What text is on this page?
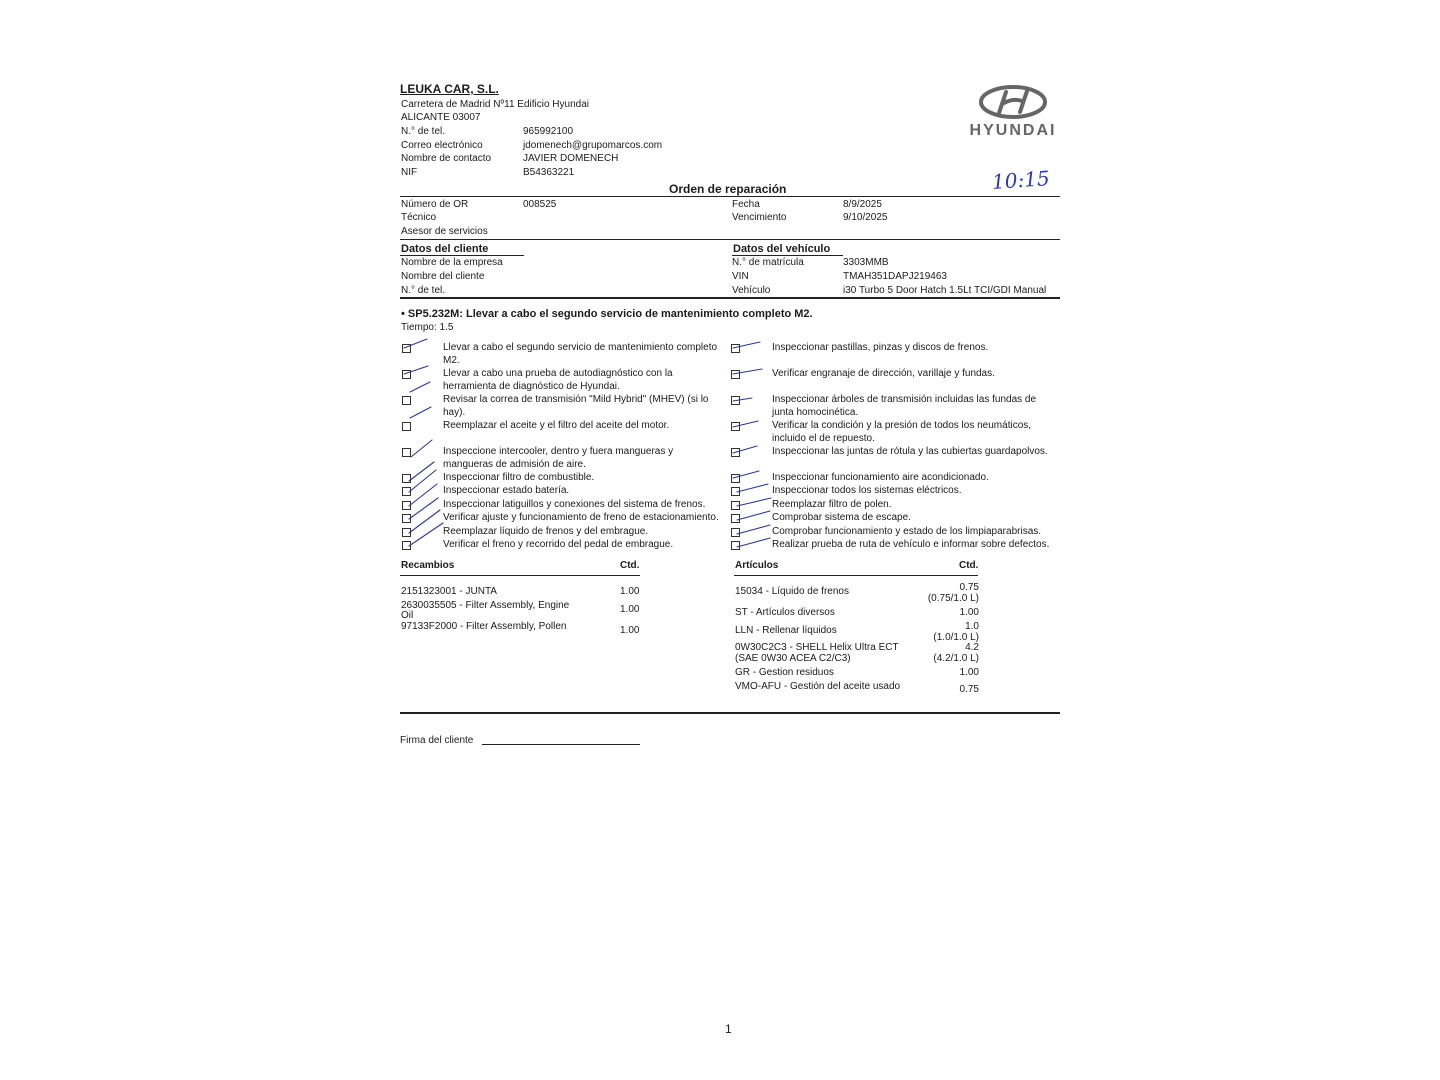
LEUKA CAR, S.L.
Carretera de Madrid Nº11 Edificio Hyundai
ALICANTE 03007
N.° de tel.	965992100
Correo electrónico	jdomenech@grupomarcos.com
Nombre de contacto	JAVIER DOMENECH
NIF	B54363221
HYUNDAI
10:15
Orden de reparación
Número de OR	008525	Fecha	8/9/2025
Técnico	Vencimiento	9/10/2025
Asesor de servicios
Datos del cliente	Datos del vehículo
Nombre de la empresa
Nombre del cliente
N.° de tel.
N.° de matrícula	3303MMB
VIN	TMAH351DAPJ219463
Vehículo	i30 Turbo 5 Door Hatch 1.5Lt TCI/GDI Manual
• SP5.232M: Llevar a cabo el segundo servicio de mantenimiento completo M2.
Tiempo: 1.5
Llevar a cabo el segundo servicio de mantenimiento completo
M2.
Llevar a cabo una prueba de autodiagnóstico con la
herramienta de diagnóstico de Hyundai.
Revisar la correa de transmisión "Mild Hybrid" (MHEV) (si lo
hay).
Reemplazar el aceite y el filtro del aceite del motor.
Inspeccione intercooler, dentro y fuera mangueras y
mangueras de admisión de aire.
Inspeccionar filtro de combustible.
Inspeccionar estado batería.
Inspeccionar latiguillos y conexiones del sistema de frenos.
Verificar ajuste y funcionamiento de freno de estacionamiento.
Reemplazar líquido de frenos y del embrague.
Verificar el freno y recorrido del pedal de embrague.
Inspeccionar pastillas, pinzas y discos de frenos.
Verificar engranaje de dirección, varillaje y fundas.
Inspeccionar árboles de transmisión incluidas las fundas de
junta homocinética.
Verificar la condición y la presión de todos los neumáticos,
incluido el de repuesto.
Inspeccionar las juntas de rótula y las cubiertas guardapolvos.
Inspeccionar funcionamiento aire acondicionado.
Inspeccionar todos los sistemas eléctricos.
Reemplazar filtro de polen.
Comprobar sistema de escape.
Comprobar funcionamiento y estado de los limpiaparabrisas.
Realizar prueba de ruta de vehículo e informar sobre defectos.
Recambios	Ctd.
2151323001 - JUNTA	1.00
2630035505 - Filter Assembly, Engine
Oil
1.00
97133F2000 - Filter Assembly, Pollen	1.00
Artículos	Ctd.
15034 - Líquido de frenos	0.75
(0.75/1.0 L)
ST - Artículos diversos	1.00
LLN - Rellenar líquidos	1.0
(1.0/1.0 L)
0W30C2C3 - SHELL Helix Ultra ECT
(SAE 0W30 ACEA C2/C3)
4.2
(4.2/1.0 L)
GR - Gestion residuos	1.00
VMO-AFU - Gestión del aceite usado	0.75
Firma del cliente
1
